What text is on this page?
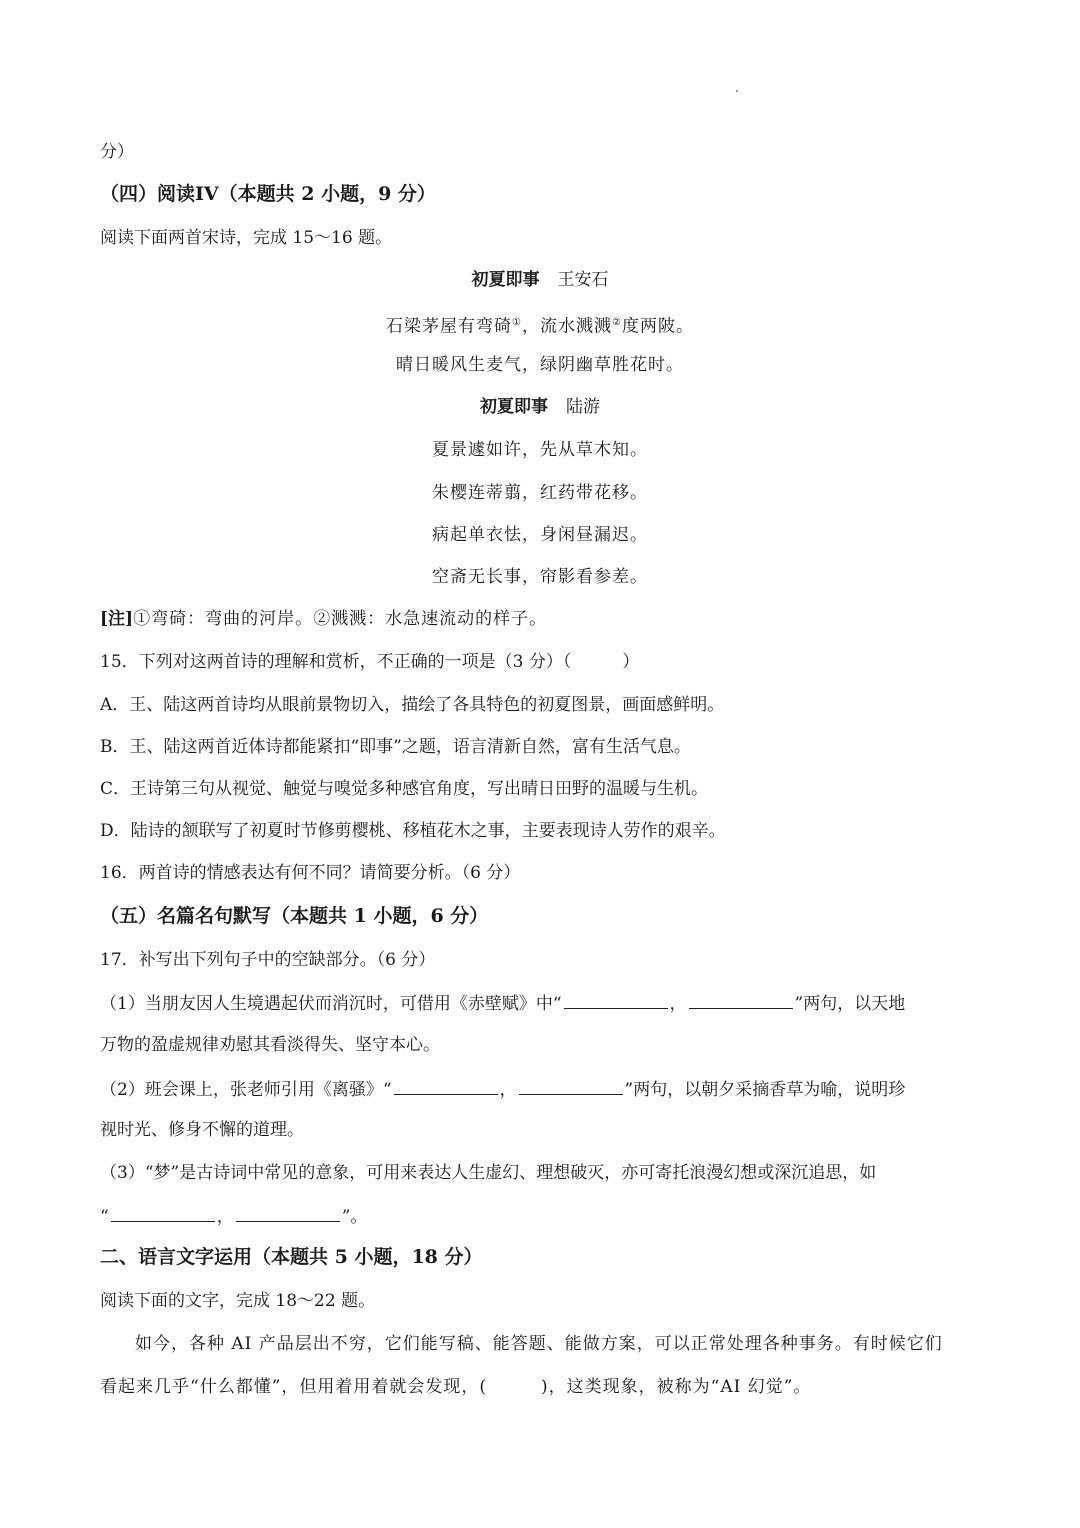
分）
（四）阅读IV（本题共 2 小题，9 分）
阅读下面两首宋诗，完成 15～16 题。
初夏即事 王安石
石梁茅屋有弯碕①，流水溅溅②度两陂。
晴日暖风生麦气，绿阴幽草胜花时。
初夏即事 陆游
夏景遽如许，先从草木知。
朱樱连蒂翦，红药带花移。
病起单衣怯，身闲昼漏迟。
空斋无长事，帘影看参差。
[注]①弯碕：弯曲的河岸。②溅溅：水急速流动的样子。
15．下列对这两首诗的理解和赏析，不正确的一项是（3 分）（　　　）
A．王、陆这两首诗均从眼前景物切入，描绘了各具特色的初夏图景，画面感鲜明。
B．王、陆这两首近体诗都能紧扣“即事”之题，语言清新自然，富有生活气息。
C．王诗第三句从视觉、触觉与嗅觉多种感官角度，写出晴日田野的温暖与生机。
D．陆诗的颔联写了初夏时节修剪樱桃、移植花木之事，主要表现诗人劳作的艰辛。
16．两首诗的情感表达有何不同？请简要分析。（6 分）
（五）名篇名句默写（本题共 1 小题，6 分）
17．补写出下列句子中的空缺部分。（6 分）
（1）当朋友因人生境遇起伏而消沉时，可借用《赤壁赋》中“	，	”两句，以天地
万物的盈虚规律劝慰其看淡得失、坚守本心。
（2）班会课上，张老师引用《离骚》“	，	”两句，以朝夕采摘香草为喻，说明珍
视时光、修身不懈的道理。
（3）“梦”是古诗词中常见的意象，可用来表达人生虚幻、理想破灭，亦可寄托浪漫幻想或深沉追思，如
“	，	”。
二、语言文字运用（本题共 5 小题，18 分）
阅读下面的文字，完成 18～22 题。
如今，各种 AI 产品层出不穷，它们能写稿、能答题、能做方案，可以正常处理各种事务。有时候它们
看起来几乎“什么都懂”，但用着用着就会发现，(　　　)，这类现象，被称为“AI 幻觉”。
